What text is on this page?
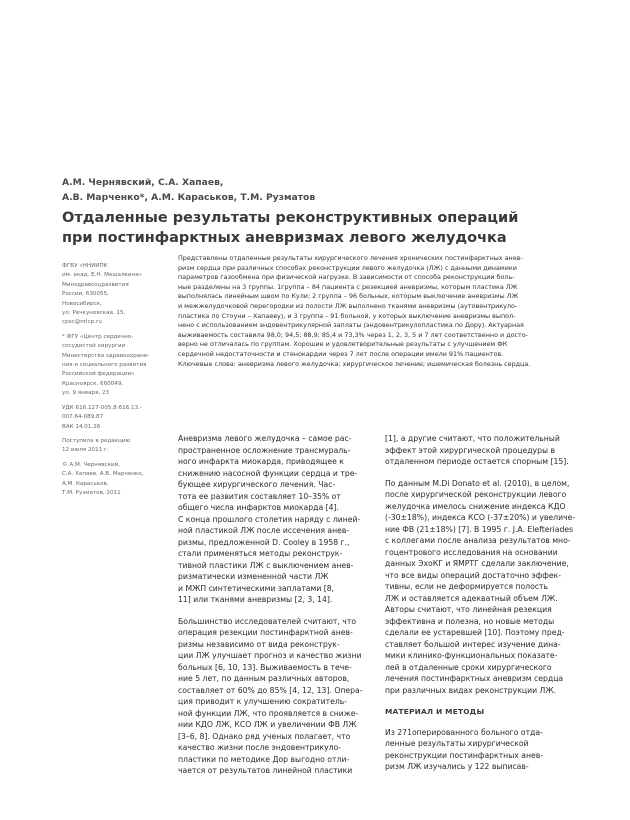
А.М. Чернявский, С.А. Хапаев,
А.В. Марченко*, А.М. Караськов, Т.М. Рузматов
Отдаленные результаты реконструктивных операций
при постинфарктных аневризмах левого желудочка
ФГБУ «ННИИПК
им. акад. Е.Н. Мешалкина»
Минздравсоцразвития
России, 630055,
Новосибирск,
ул. Речкуновская, 15,
cpsc@nricp.ru
* ФГУ «Центр сердечно-
сосудистой хирургии
Министерства здравоохране-
ния и социального развития
Российской федерации»
Красноярск, 660049,
ул. 9 января, 23
УДК 616.127-005.8:616.13.-
007.64-089.87
ВАК 14.01.26
Поступила в редакцию
12 июля 2011 г.
© А.М. Чернявский,
С.А. Хапаев, А.В. Марченко,
А.М. Караськов,
Т.М. Рузматов, 2011
Представлены отдаленные результаты хирургического лечения хронических постинфарктных анев-
ризм сердца при различных способах реконструкции левого желудочка (ЛЖ) с данными динамики
параметров газообмена при физической нагрузке. В зависимости от способа реконструкции боль-
ные разделены на 3 группы. 1группа – 84 пациента с резекцией аневризмы, которым пластика ЛЖ
выполнялась линейным швом по Кули; 2 группа – 96 больных, которым выключение аневризмы ЛЖ
и межжелудочковой перегородки из полости ЛЖ выполнено тканями аневризмы (аутовентрикуло-
пластика по Стоуни – Хапаеву), и 3 группа – 91 больной, у которых выключение аневризмы выпол-
нено с использованием эндовентрикулярной заплаты (эндовентрикулопластика по Дору). Актуарная
выживаемость составила 98,0; 94,5; 88,9; 85,4 и 73,3% через 1, 2, 3, 5 и 7 лет соответственно и досто-
верно не отличалась по группам. Хорошие и удовлетворительные результаты с улучшением ФК
сердечной недостаточности и стенокардии через 7 лет после операции имели 91% пациентов.
Ключевые слова: аневризма левого желудочка; хирургическое лечение; ишемическая болезнь сердца.
Аневризма левого желудочка – самое рас-
пространенное осложнение трансмураль-
ного инфаркта миокарда, приводящее к
снижению насосной функции сердца и тре-
бующее хирургического лечения. Час-
тота ее развития составляет 10–35% от
общего числа инфарктов миокарда [4].
С конца прошлого столетия наряду с линей-
ной пластикой ЛЖ после иссечения анев-
ризмы, предложенной D. Cooley в 1958 г.,
стали применяться методы реконструк-
тивной пластики ЛЖ с выключением анев-
ризматически измененной части ЛЖ
и МЖП синтетическими заплатами [8,
11] или тканями аневризмы [2, 3, 14].
Большинство исследователей считают, что
операция резекции постинфарктной анев-
ризмы независимо от вида реконструк-
ции ЛЖ улучшает прогноз и качество жизни
больных [6, 10, 13]. Выживаемость в тече-
ние 5 лет, по данным различных авторов,
составляет от 60% до 85% [4, 12, 13]. Опера-
ция приводит к улучшению сократитель-
ной функции ЛЖ, что проявляется в сниже-
нии КДО ЛЖ, КСО ЛЖ и увеличении ФВ ЛЖ
[3–6, 8]. Однако ряд ученых полагает, что
качество жизни после эндовентрикуло-
пластики по методике Дор выгодно отли-
чается от результатов линейной пластики
[1], а другие считают, что положительный
эффект этой хирургической процедуры в
отдаленном периоде остается спорным [15].
По данным M.Di Donato et al. (2010), в целом,
после хирургической реконструкции левого
желудочка имелось снижение индекса КДО
(-30±18%), индекса КСО (-37±20%) и увеличе-
ние ФВ (21±18%) [7]. В 1995 г. J.A. Elefteriades
с коллегами после анализа результатов мно-
гоцентрового исследования на основании
данных ЭхоКГ и ЯМРТГ сделали заключение,
что все виды операций достаточно эффек-
тивны, если не деформируется полость
ЛЖ и оставляется адекватный объем ЛЖ.
Авторы считают, что линейная резекция
эффективна и полезна, но новые методы
сделали ее устаревшей [10]. Поэтому пред-
ставляет большой интерес изучение дина-
мики клинико-функциональных показате-
лей в отдаленные сроки хирургического
лечения постинфарктных аневризм сердца
при различных видах реконструкции ЛЖ.
МАТЕРИАЛ И МЕТОДЫ
Из 271оперированного больного отда-
ленные результаты хирургической
реконструкции постинфарктных анев-
ризм ЛЖ изучались у 122 выписав-
